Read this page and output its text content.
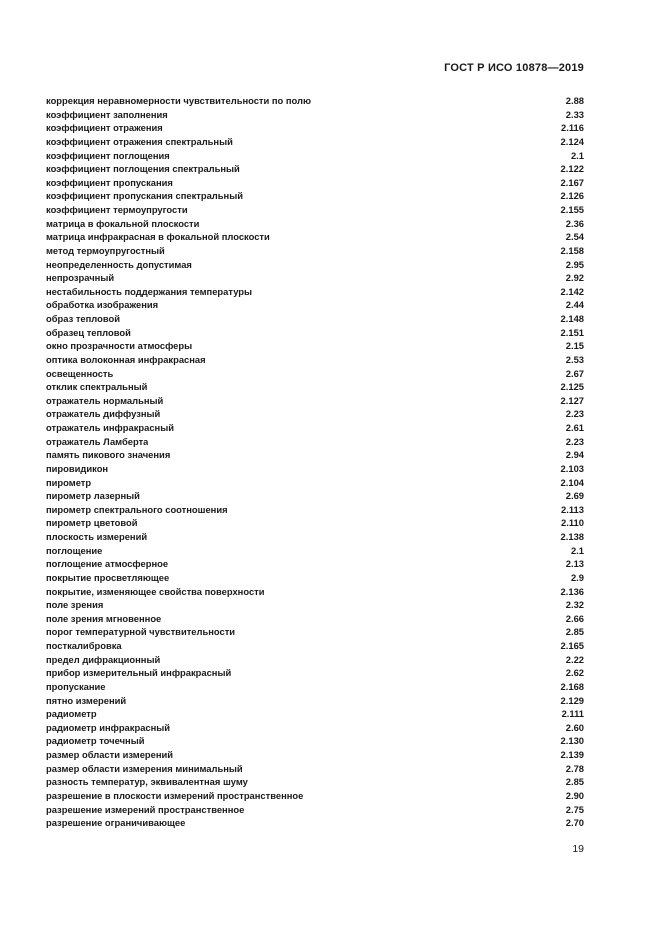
ГОСТ Р ИСО 10878—2019
коррекция неравномерности чувствительности по полю	2.88
коэффициент заполнения	2.33
коэффициент отражения	2.116
коэффициент отражения спектральный	2.124
коэффициент поглощения	2.1
коэффициент поглощения спектральный	2.122
коэффициент пропускания	2.167
коэффициент пропускания спектральный	2.126
коэффициент термоупругости	2.155
матрица в фокальной плоскости	2.36
матрица инфракрасная в фокальной плоскости	2.54
метод термоупругостный	2.158
неопределенность допустимая	2.95
непрозрачный	2.92
нестабильность поддержания температуры	2.142
обработка изображения	2.44
образ тепловой	2.148
образец тепловой	2.151
окно прозрачности атмосферы	2.15
оптика волоконная инфракрасная	2.53
освещенность	2.67
отклик спектральный	2.125
отражатель нормальный	2.127
отражатель диффузный	2.23
отражатель инфракрасный	2.61
отражатель Ламберта	2.23
память пикового значения	2.94
пировидикон	2.103
пирометр	2.104
пирометр лазерный	2.69
пирометр спектрального соотношения	2.113
пирометр цветовой	2.110
плоскость измерений	2.138
поглощение	2.1
поглощение атмосферное	2.13
покрытие просветляющее	2.9
покрытие, изменяющее свойства поверхности	2.136
поле зрения	2.32
поле зрения мгновенное	2.66
порог температурной чувствительности	2.85
посткалибровка	2.165
предел дифракционный	2.22
прибор измерительный инфракрасный	2.62
пропускание	2.168
пятно измерений	2.129
радиометр	2.111
радиометр инфракрасный	2.60
радиометр точечный	2.130
размер области измерений	2.139
размер области измерения минимальный	2.78
разность температур, эквивалентная шуму	2.85
разрешение в плоскости измерений пространственное	2.90
разрешение измерений пространственное	2.75
разрешение ограничивающее	2.70
19
